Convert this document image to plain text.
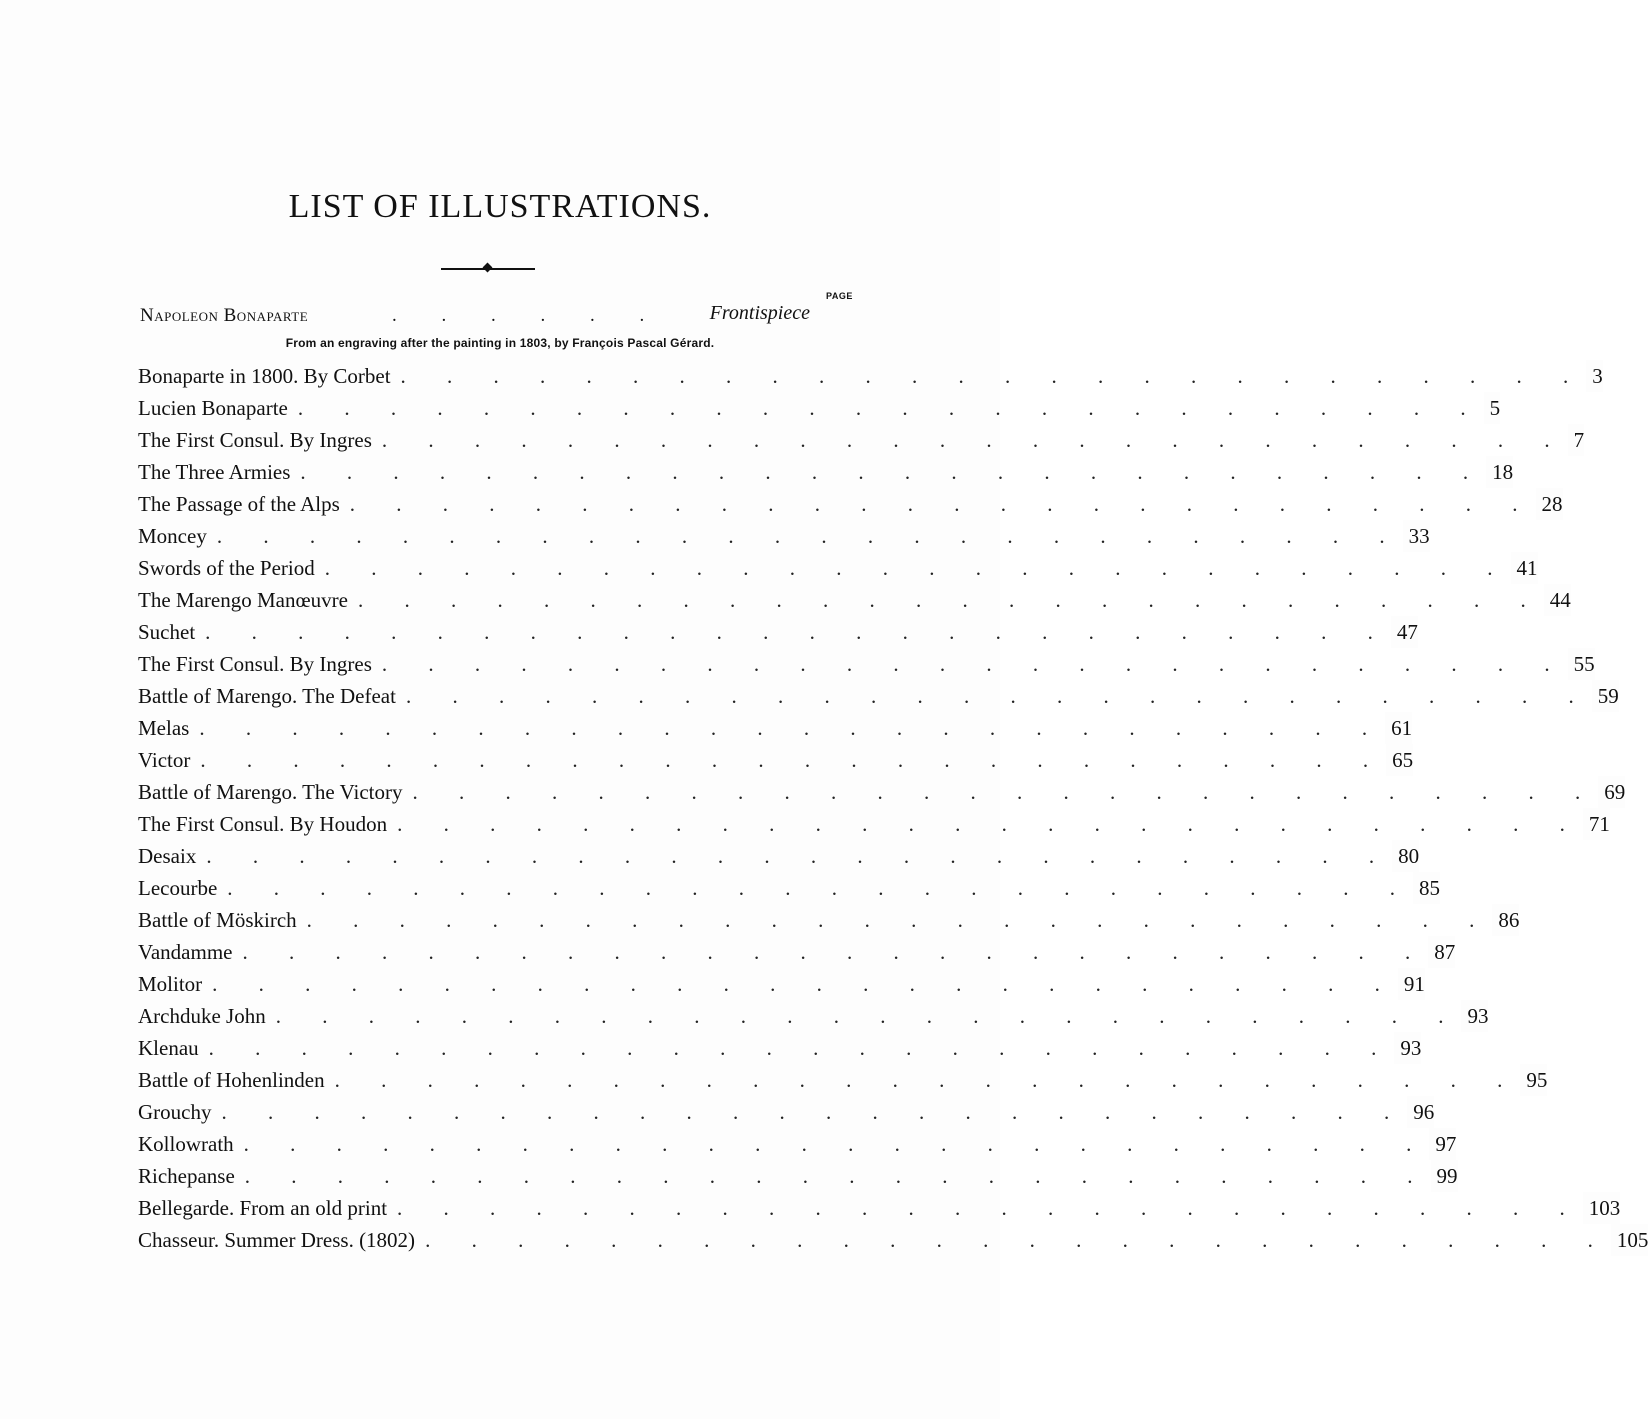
LIST OF ILLUSTRATIONS.
PAGE
Napoleon Bonaparte	. . . . . . Frontispiece
From an engraving after the painting in 1803, by François Pascal Gérard.
Bonaparte in 1800. By Corbet . . . . . . . . . . . . . . . . . . . . . . . . . . 3
Lucien Bonaparte . . . . . . . . . . . . . . . . . . . . . . . . . . 5
The First Consul. By Ingres . . . . . . . . . . . . . . . . . . . . . . . . . . 7
The Three Armies . . . . . . . . . . . . . . . . . . . . . . . . . . 18
The Passage of the Alps . . . . . . . . . . . . . . . . . . . . . . . . . . 28
Moncey . . . . . . . . . . . . . . . . . . . . . . . . . . 33
Swords of the Period . . . . . . . . . . . . . . . . . . . . . . . . . . 41
The Marengo Manœuvre . . . . . . . . . . . . . . . . . . . . . . . . . . 44
Suchet . . . . . . . . . . . . . . . . . . . . . . . . . . 47
The First Consul. By Ingres . . . . . . . . . . . . . . . . . . . . . . . . . . 55
Battle of Marengo. The Defeat . . . . . . . . . . . . . . . . . . . . . . . . . . 59
Melas . . . . . . . . . . . . . . . . . . . . . . . . . . 61
Victor . . . . . . . . . . . . . . . . . . . . . . . . . . 65
Battle of Marengo. The Victory . . . . . . . . . . . . . . . . . . . . . . . . . . 69
The First Consul. By Houdon . . . . . . . . . . . . . . . . . . . . . . . . . . 71
Desaix . . . . . . . . . . . . . . . . . . . . . . . . . . 80
Lecourbe . . . . . . . . . . . . . . . . . . . . . . . . . . 85
Battle of Möskirch . . . . . . . . . . . . . . . . . . . . . . . . . . 86
Vandamme . . . . . . . . . . . . . . . . . . . . . . . . . . 87
Molitor . . . . . . . . . . . . . . . . . . . . . . . . . . 91
Archduke John . . . . . . . . . . . . . . . . . . . . . . . . . . 93
Klenau . . . . . . . . . . . . . . . . . . . . . . . . . . 93
Battle of Hohenlinden . . . . . . . . . . . . . . . . . . . . . . . . . . 95
Grouchy . . . . . . . . . . . . . . . . . . . . . . . . . . 96
Kollowrath . . . . . . . . . . . . . . . . . . . . . . . . . . 97
Richepanse . . . . . . . . . . . . . . . . . . . . . . . . . . 99
Bellegarde. From an old print . . . . . . . . . . . . . . . . . . . . . . . . . . 103
Chasseur. Summer Dress. (1802) . . . . . . . . . . . . . . . . . . . . . . . . . . 105
